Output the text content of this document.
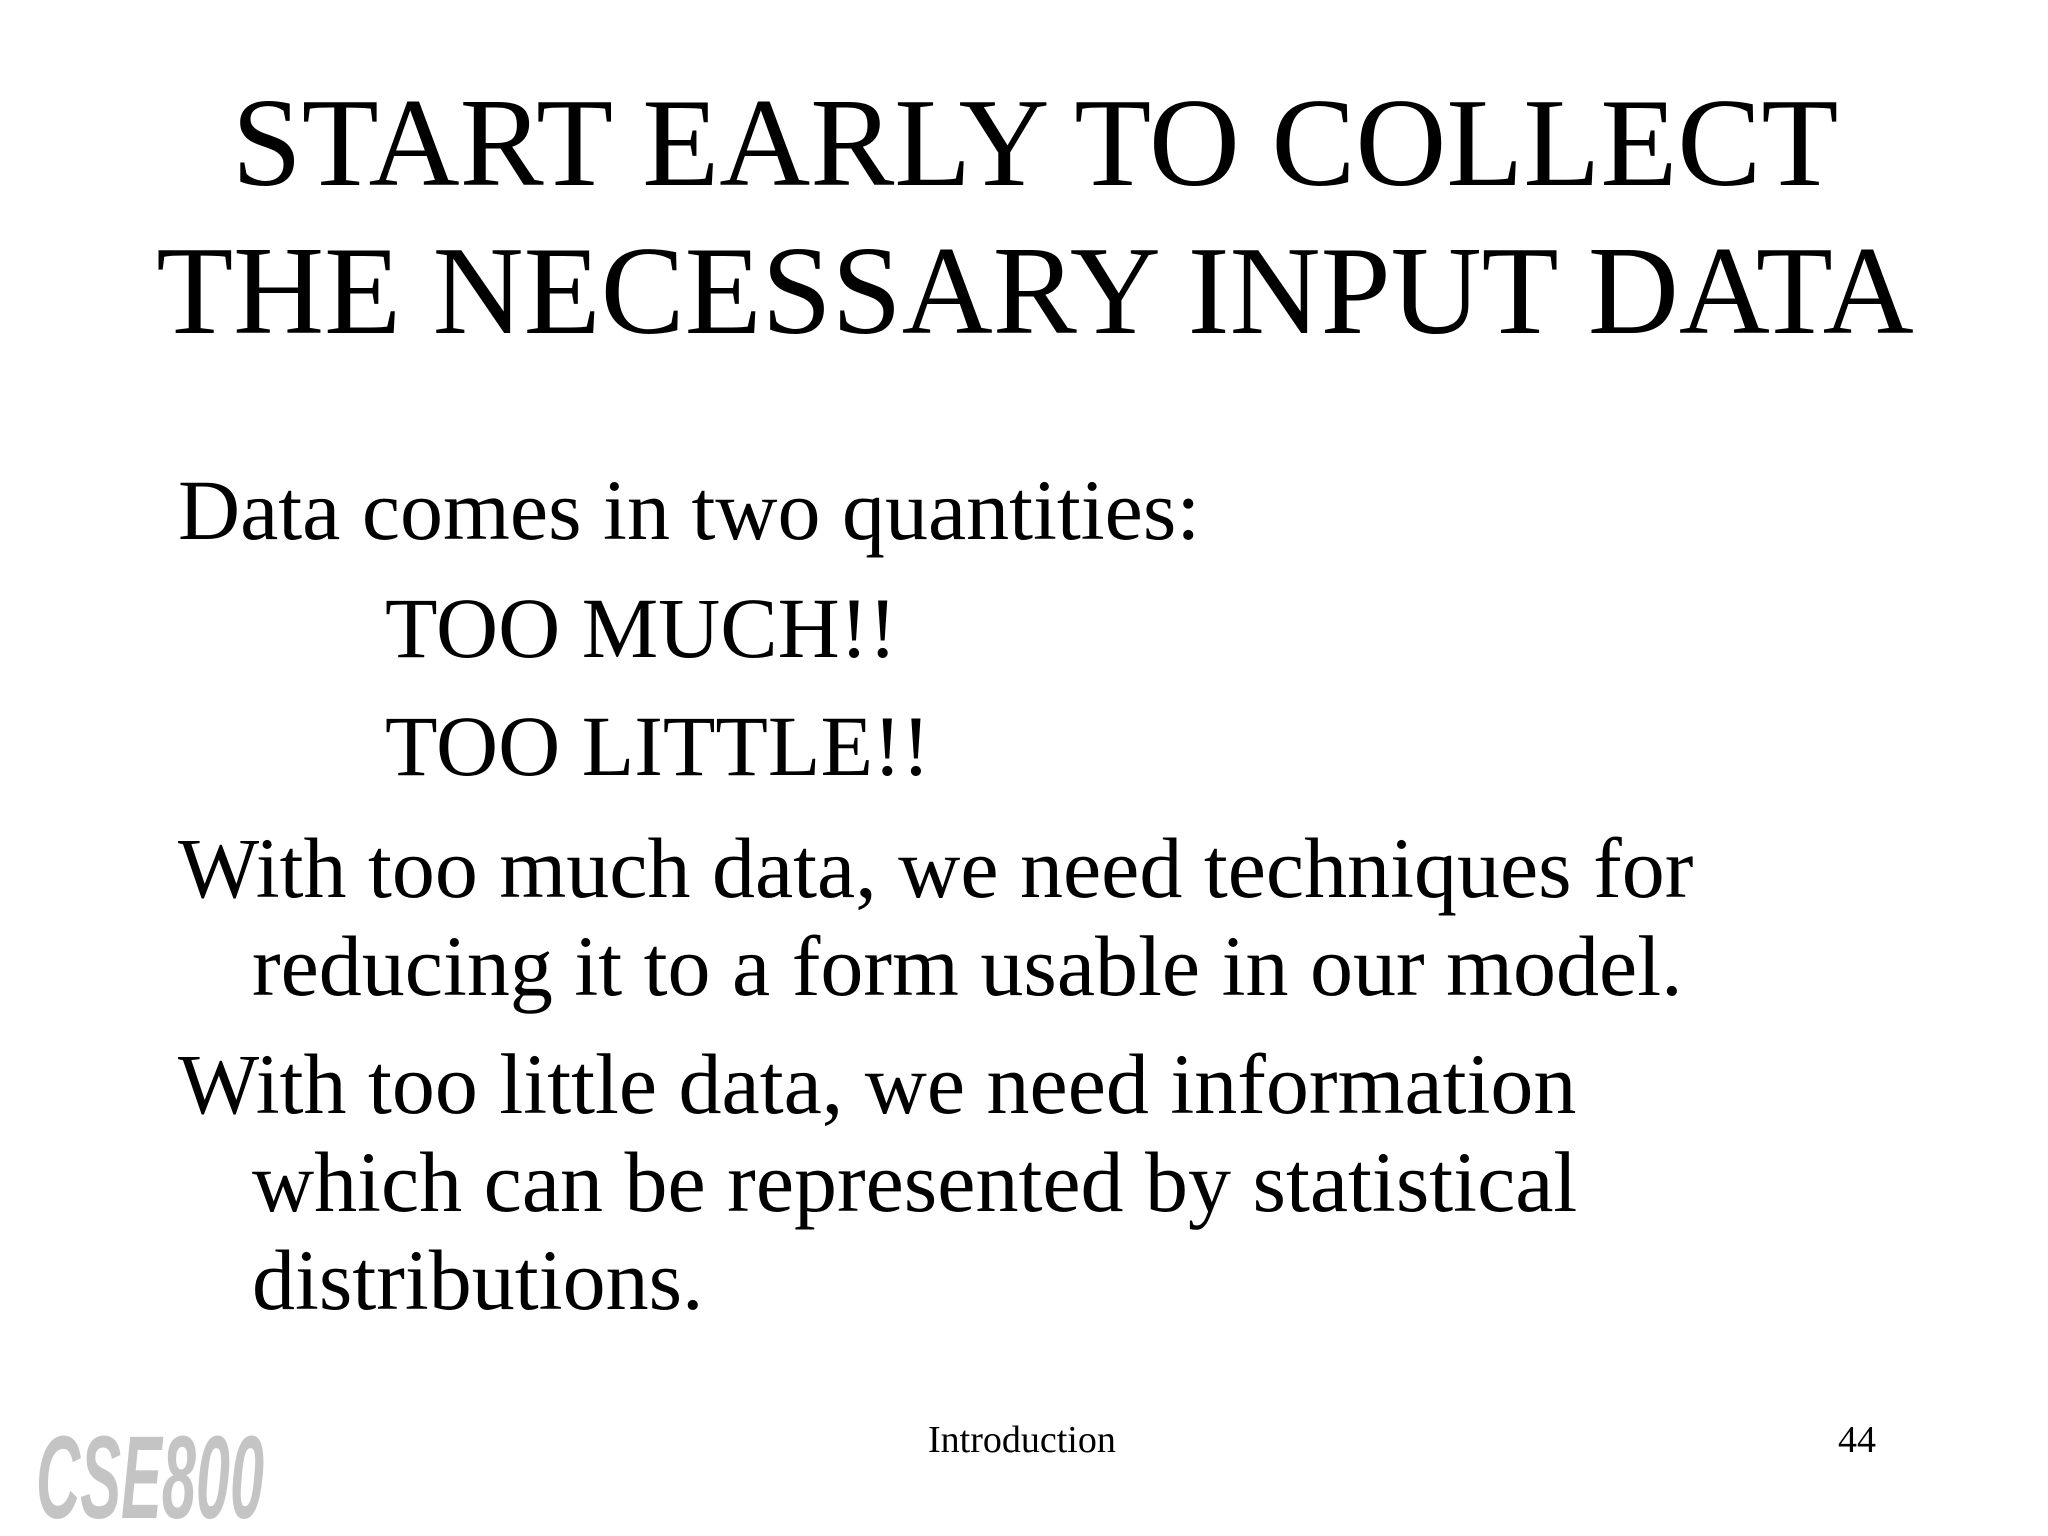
START EARLY TO COLLECT
THE NECESSARY INPUT DATA
Data comes in two quantities:
TOO MUCH!!
TOO LITTLE!!
With too much data, we need techniques for
reducing it to a form usable in our model.
With too little data, we need information
which can be represented by statistical
distributions.
CSE800	Introduction	44
